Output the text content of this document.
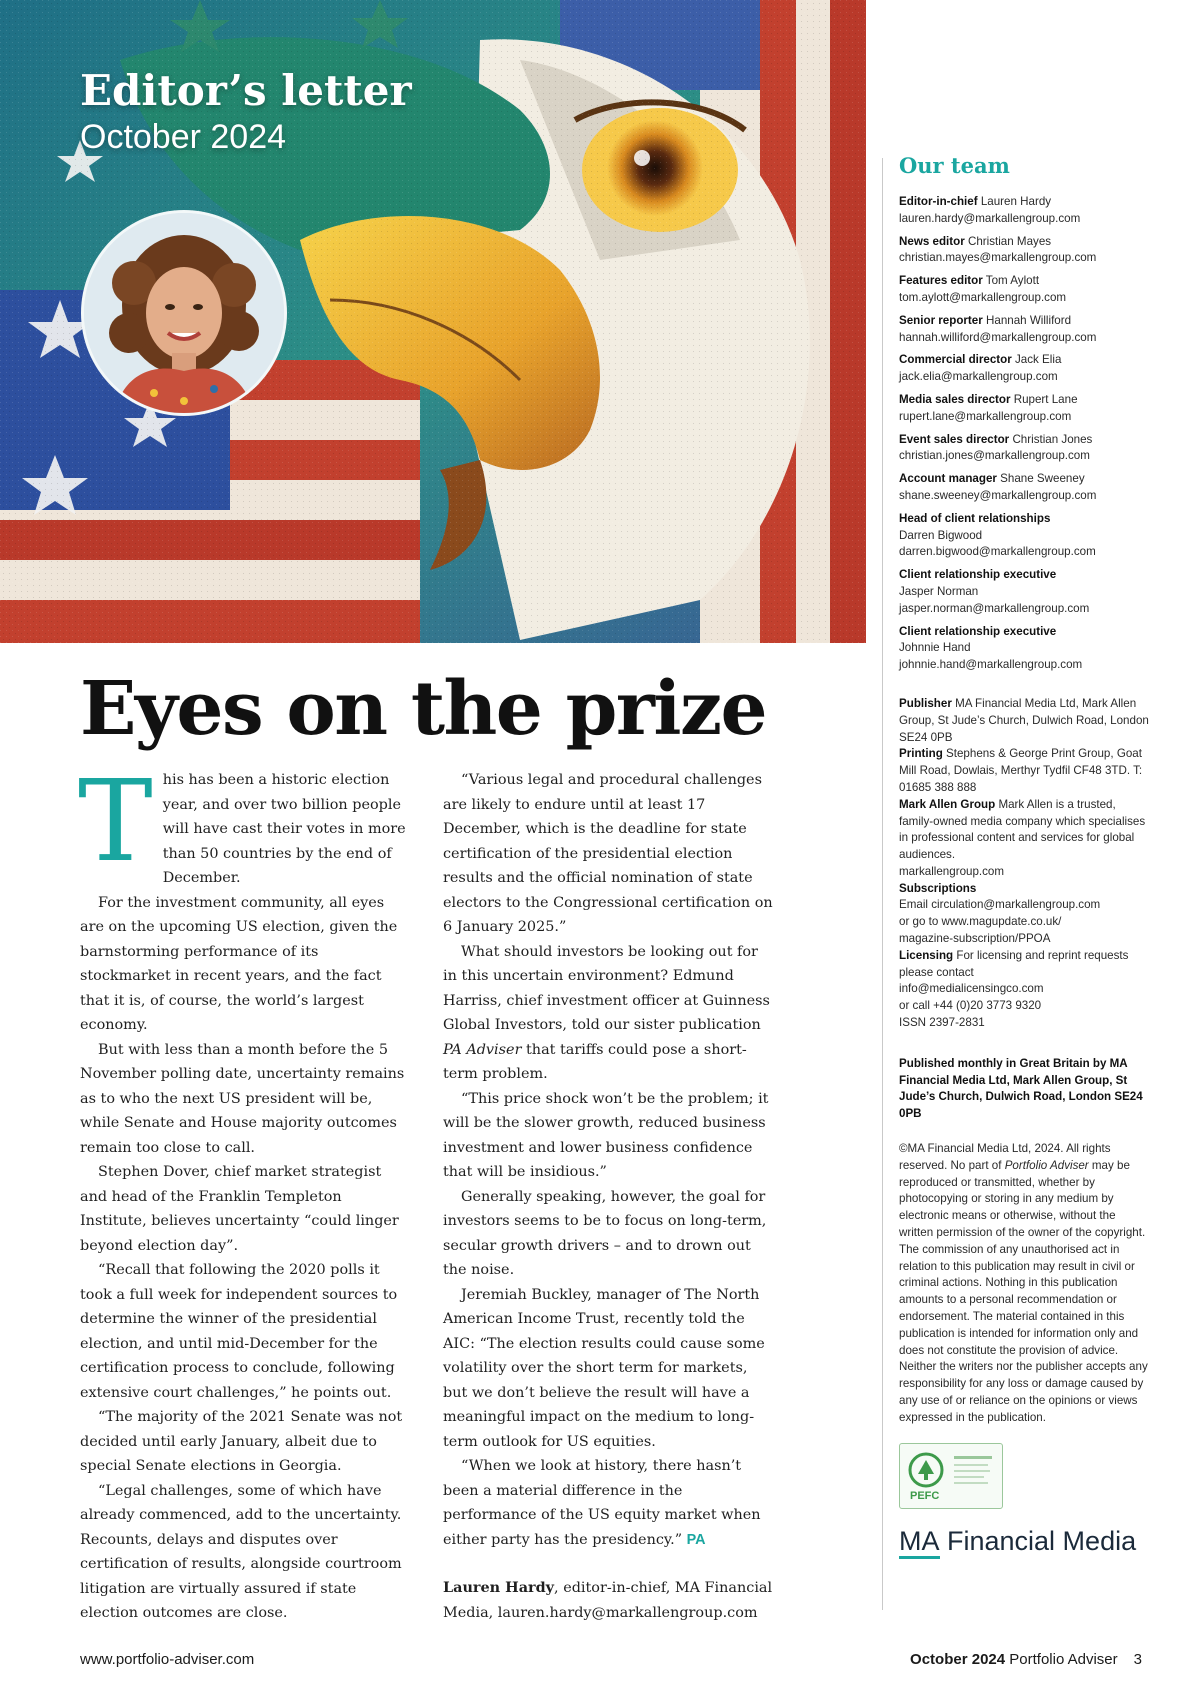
Editor’s letter
October 2024
Eyes on the prize
T his has been a historic election year, and over two billion people will have cast their votes in more than 50 countries by the end of December.

For the investment community, all eyes are on the upcoming US election, given the barnstorming performance of its stockmarket in recent years, and the fact that it is, of course, the world’s largest economy.

But with less than a month before the 5 November polling date, uncertainty remains as to who the next US president will be, while Senate and House majority outcomes remain too close to call.

Stephen Dover, chief market strategist and head of the Franklin Templeton Institute, believes uncertainty “could linger beyond election day”.

“Recall that following the 2020 polls it took a full week for independent sources to determine the winner of the presidential election, and until mid-December for the certification process to conclude, following extensive court challenges,” he points out.

“The majority of the 2021 Senate was not decided until early January, albeit due to special Senate elections in Georgia.

“Legal challenges, some of which have already commenced, add to the uncertainty. Recounts, delays and disputes over certification of results, alongside courtroom litigation are virtually assured if state election outcomes are close.

“Various legal and procedural challenges are likely to endure until at least 17 December, which is the deadline for state certification of the presidential election results and the official nomination of state electors to the Congressional certification on 6 January 2025.”

What should investors be looking out for in this uncertain environment? Edmund Harriss, chief investment officer at Guinness Global Investors, told our sister publication PA Adviser that tariffs could pose a short-term problem.

“This price shock won’t be the problem; it will be the slower growth, reduced business investment and lower business confidence that will be insidious.”

Generally speaking, however, the goal for investors seems to be to focus on long-term, secular growth drivers – and to drown out the noise.

Jeremiah Buckley, manager of The North American Income Trust, recently told the AIC: “The election results could cause some volatility over the short term for markets, but we don’t believe the result will have a meaningful impact on the medium to long-term outlook for US equities.

“When we look at history, there hasn’t been a material difference in the performance of the US equity market when either party has the presidency.” PA

Lauren Hardy, editor-in-chief, MA Financial Media, lauren.hardy@markallengroup.com

Our team
Editor-in-chief Lauren Hardy
lauren.hardy@markallengroup.com
News editor Christian Mayes
christian.mayes@markallengroup.com
Features editor Tom Aylott
tom.aylott@markallengroup.com
Senior reporter Hannah Williford
hannah.williford@markallengroup.com
Commercial director Jack Elia
jack.elia@markallengroup.com
Media sales director Rupert Lane
rupert.lane@markallengroup.com
Event sales director Christian Jones
christian.jones@markallengroup.com
Account manager Shane Sweeney
shane.sweeney@markallengroup.com
Head of client relationships
Darren Bigwood
darren.bigwood@markallengroup.com
Client relationship executive
Jasper Norman
jasper.norman@markallengroup.com
Client relationship executive
Johnnie Hand
johnnie.hand@markallengroup.com
Publisher MA Financial Media Ltd, Mark Allen Group, St Jude’s Church, Dulwich Road, London SE24 0PB
Printing Stephens & George Print Group, Goat Mill Road, Dowlais, Merthyr Tydfil CF48 3TD. T: 01685 388 888
Mark Allen Group Mark Allen is a trusted, family-owned media company which specialises in professional content and services for global audiences.
markallengroup.com
Subscriptions
Email circulation@markallengroup.com
or go to www.magupdate.co.uk/
magazine-subscription/PPOA
Licensing For licensing and reprint requests please contact
info@medialicensingco.com
or call +44 (0)20 3773 9320
ISSN 2397-2831
Published monthly in Great Britain by MA Financial Media Ltd, Mark Allen Group, St Jude’s Church, Dulwich Road, London SE24 0PB
©MA Financial Media Ltd, 2024. All rights reserved. No part of Portfolio Adviser may be reproduced or transmitted, whether by photocopying or storing in any medium by electronic means or otherwise, without the written permission of the owner of the copyright. The commission of any unauthorised act in relation to this publication may result in civil or criminal actions. Nothing in this publication amounts to a personal recommendation or endorsement. The material contained in this publication is intended for information only and does not constitute the provision of advice. Neither the writers nor the publisher accepts any responsibility for any loss or damage caused by any use of or reliance on the opinions or views expressed in the publication.
PEFC
MA Financial Media
www.portfolio-adviser.com	October 2024 Portfolio Adviser 3
